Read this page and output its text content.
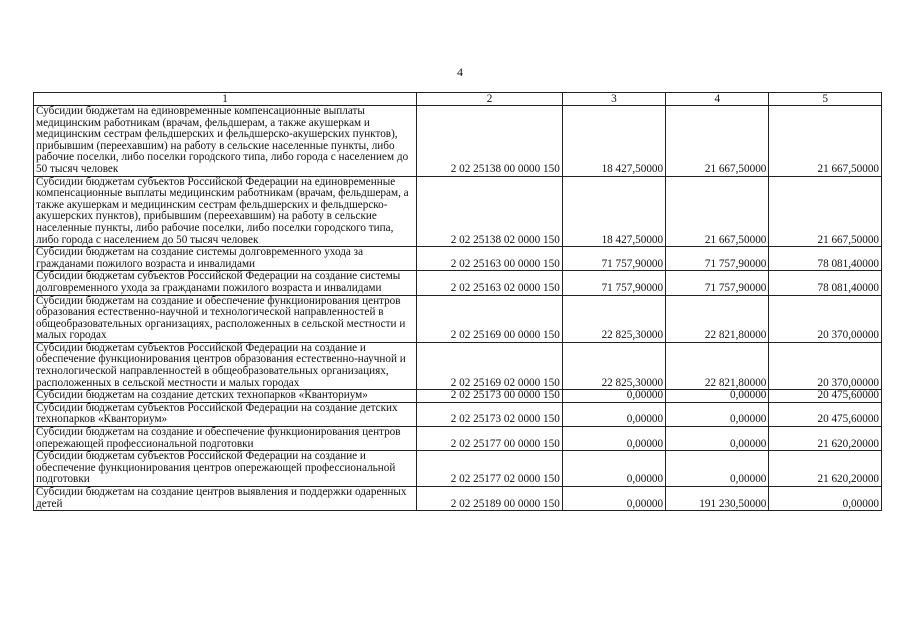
4
1	2	3	4	5
Субсидии бюджетам на единовременные компенсационные выплаты медицинским работникам (врачам, фельдшерам, а также акушеркам и медицинским сестрам фельдшерских и фельдшерско-акушерских пунктов), прибывшим (переехавшим) на работу в сельские населенные пункты, либо рабочие поселки, либо поселки городского типа, либо города с населением до 50 тысяч человек	2 02 25138 00 0000 150	18 427,50000	21 667,50000	21 667,50000
Субсидии бюджетам субъектов Российской Федерации на единовременные компенсационные выплаты медицинским работникам (врачам, фельдшерам, а также акушеркам и медицинским сестрам фельдшерских и фельдшерско-акушерских пунктов), прибывшим (переехавшим) на работу в сельские населенные пункты, либо рабочие поселки, либо поселки городского типа, либо города с населением до 50 тысяч человек	2 02 25138 02 0000 150	18 427,50000	21 667,50000	21 667,50000
Субсидии бюджетам на создание системы долговременного ухода за гражданами пожилого возраста и инвалидами	2 02 25163 00 0000 150	71 757,90000	71 757,90000	78 081,40000
Субсидии бюджетам субъектов Российской Федерации на создание системы долговременного ухода за гражданами пожилого возраста и инвалидами	2 02 25163 02 0000 150	71 757,90000	71 757,90000	78 081,40000
Субсидии бюджетам на создание и обеспечение функционирования центров образования естественно-научной и технологической направленностей в общеобразовательных организациях, расположенных в сельской местности и малых городах	2 02 25169 00 0000 150	22 825,30000	22 821,80000	20 370,00000
Субсидии бюджетам субъектов Российской Федерации на создание и обеспечение функционирования центров образования естественно-научной и технологической направленностей в общеобразовательных организациях, расположенных в сельской местности и малых городах	2 02 25169 02 0000 150	22 825,30000	22 821,80000	20 370,00000
Субсидии бюджетам на создание детских технопарков «Кванториум»	2 02 25173 00 0000 150	0,00000	0,00000	20 475,60000
Субсидии бюджетам субъектов Российской Федерации на создание детских технопарков «Кванториум»	2 02 25173 02 0000 150	0,00000	0,00000	20 475,60000
Субсидии бюджетам на создание и обеспечение функционирования центров опережающей профессиональной подготовки	2 02 25177 00 0000 150	0,00000	0,00000	21 620,20000
Субсидии бюджетам субъектов Российской Федерации на создание и обеспечение функционирования центров опережающей профессиональной подготовки	2 02 25177 02 0000 150	0,00000	0,00000	21 620,20000
Субсидии бюджетам на создание центров выявления и поддержки одаренных детей	2 02 25189 00 0000 150	0,00000	191 230,50000	0,00000
